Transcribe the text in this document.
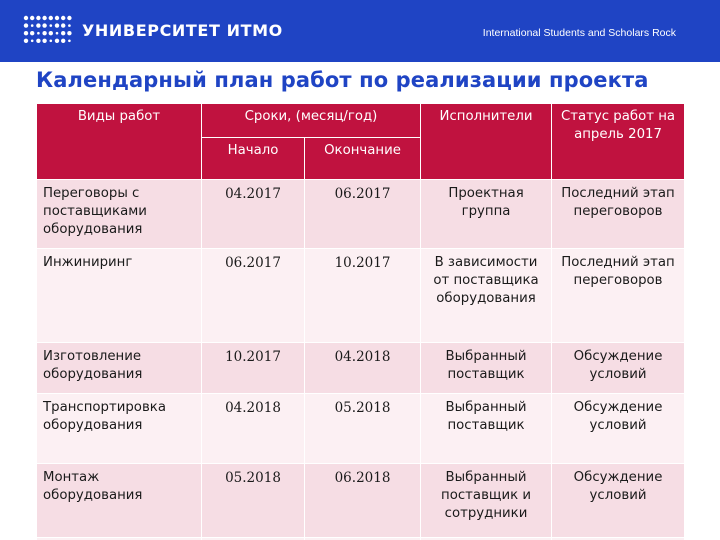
УНИВЕРСИТЕТ ИТМО	International Students and Scholars Rock
Календарный план работ по реализации проекта
Виды работ	Сроки, (месяц/год)		Исполнители	Статус работ на апрель 2017
	Начало	Окончание		
Переговоры с поставщиками оборудования	04.2017	06.2017	Проектная группа	Последний этап переговоров
Инжиниринг	06.2017	10.2017	В зависимости от поставщика оборудования	Последний этап переговоров
Изготовление оборудования	10.2017	04.2018	Выбранный поставщик	Обсуждение условий
Транспортировка оборудования	04.2018	05.2018	Выбранный поставщик	Обсуждение условий
Монтаж оборудования	05.2018	06.2018	Выбранный поставщик и сотрудники	Обсуждение условий
